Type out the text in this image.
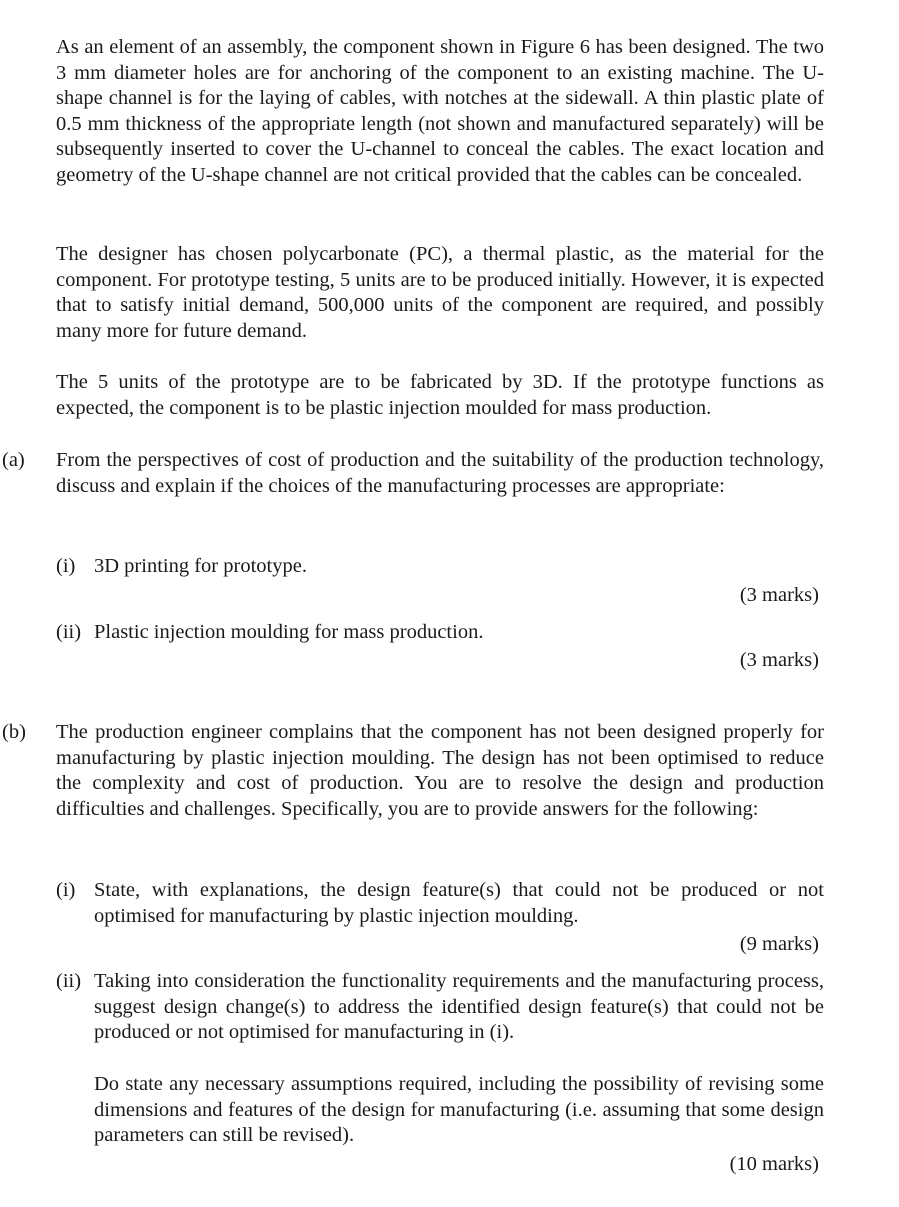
As an element of an assembly, the component shown in Figure 6 has been designed. The two 3 mm diameter holes are for anchoring of the component to an existing machine. The U-shape channel is for the laying of cables, with notches at the sidewall. A thin plastic plate of 0.5 mm thickness of the appropriate length (not shown and manufactured separately) will be subsequently inserted to cover the U-channel to conceal the cables. The exact location and geometry of the U-shape channel are not critical provided that the cables can be concealed.
The designer has chosen polycarbonate (PC), a thermal plastic, as the material for the component. For prototype testing, 5 units are to be produced initially. However, it is expected that to satisfy initial demand, 500,000 units of the component are required, and possibly many more for future demand.
The 5 units of the prototype are to be fabricated by 3D. If the prototype functions as expected, the component is to be plastic injection moulded for mass production.
(a) From the perspectives of cost of production and the suitability of the production technology, discuss and explain if the choices of the manufacturing processes are appropriate:
(i) 3D printing for prototype.
(3 marks)
(ii) Plastic injection moulding for mass production.
(3 marks)
(b) The production engineer complains that the component has not been designed properly for manufacturing by plastic injection moulding. The design has not been optimised to reduce the complexity and cost of production. You are to resolve the design and production difficulties and challenges. Specifically, you are to provide answers for the following:
(i) State, with explanations, the design feature(s) that could not be produced or not optimised for manufacturing by plastic injection moulding.
(9 marks)
(ii) Taking into consideration the functionality requirements and the manufacturing process, suggest design change(s) to address the identified design feature(s) that could not be produced or not optimised for manufacturing in (i).
Do state any necessary assumptions required, including the possibility of revising some dimensions and features of the design for manufacturing (i.e. assuming that some design parameters can still be revised).
(10 marks)
